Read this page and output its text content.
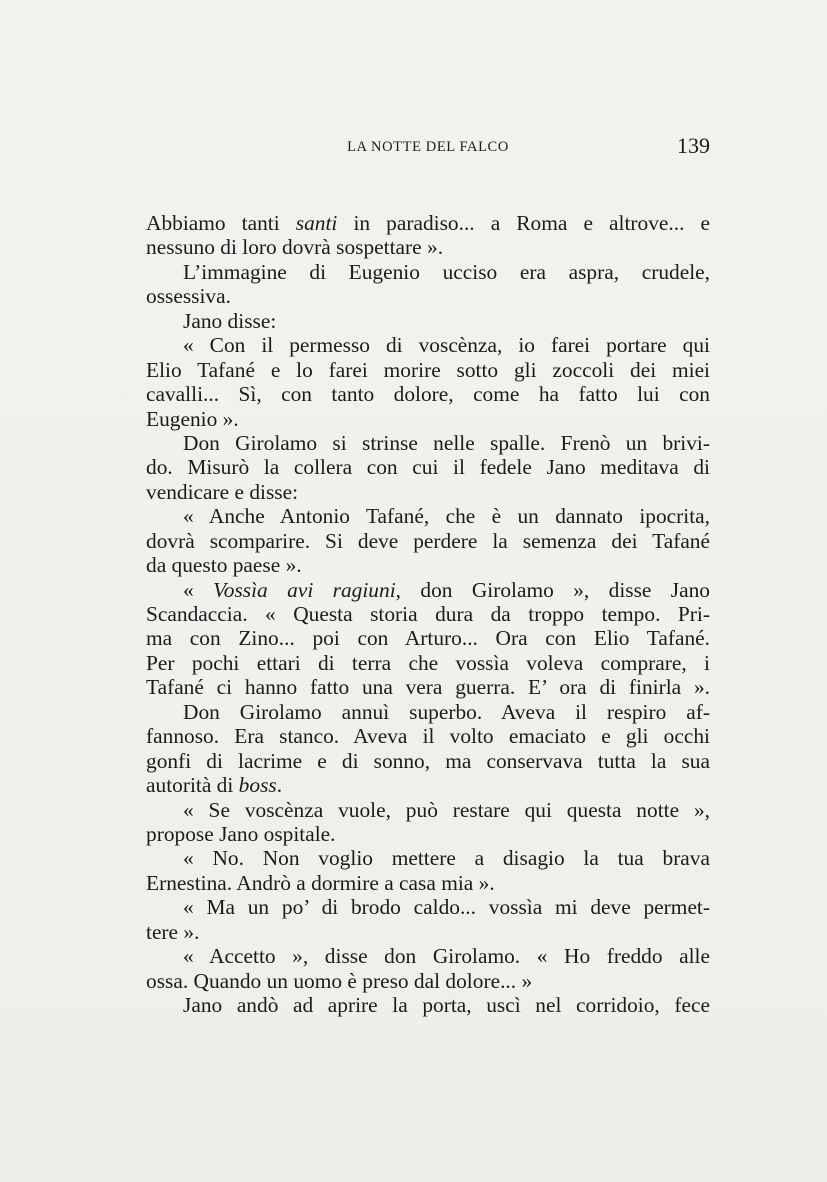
LA NOTTE DEL FALCO	139
Abbiamo tanti santi in paradiso... a Roma e altrove... e
nessuno di loro dovrà sospettare ».
L’immagine di Eugenio ucciso era aspra, crudele,
ossessiva.
Jano disse:
« Con il permesso di voscènza, io farei portare qui
Elio Tafané e lo farei morire sotto gli zoccoli dei miei
cavalli... Sì, con tanto dolore, come ha fatto lui con
Eugenio ».
Don Girolamo si strinse nelle spalle. Frenò un brivi-
do. Misurò la collera con cui il fedele Jano meditava di
vendicare e disse:
« Anche Antonio Tafané, che è un dannato ipocrita,
dovrà scomparire. Si deve perdere la semenza dei Tafané
da questo paese ».
« Vossìa avi ragiuni, don Girolamo », disse Jano
Scandaccia. « Questa storia dura da troppo tempo. Pri-
ma con Zino... poi con Arturo... Ora con Elio Tafané.
Per pochi ettari di terra che vossìa voleva comprare, i
Tafané ci hanno fatto una vera guerra. E’ ora di finirla ».
Don Girolamo annuì superbo. Aveva il respiro af-
fannoso. Era stanco. Aveva il volto emaciato e gli occhi
gonfi di lacrime e di sonno, ma conservava tutta la sua
autorità di boss.
« Se voscènza vuole, può restare qui questa notte »,
propose Jano ospitale.
« No. Non voglio mettere a disagio la tua brava
Ernestina. Andrò a dormire a casa mia ».
« Ma un po’ di brodo caldo... vossìa mi deve permet-
tere ».
« Accetto », disse don Girolamo. « Ho freddo alle
ossa. Quando un uomo è preso dal dolore... »
Jano andò ad aprire la porta, uscì nel corridoio, fece
